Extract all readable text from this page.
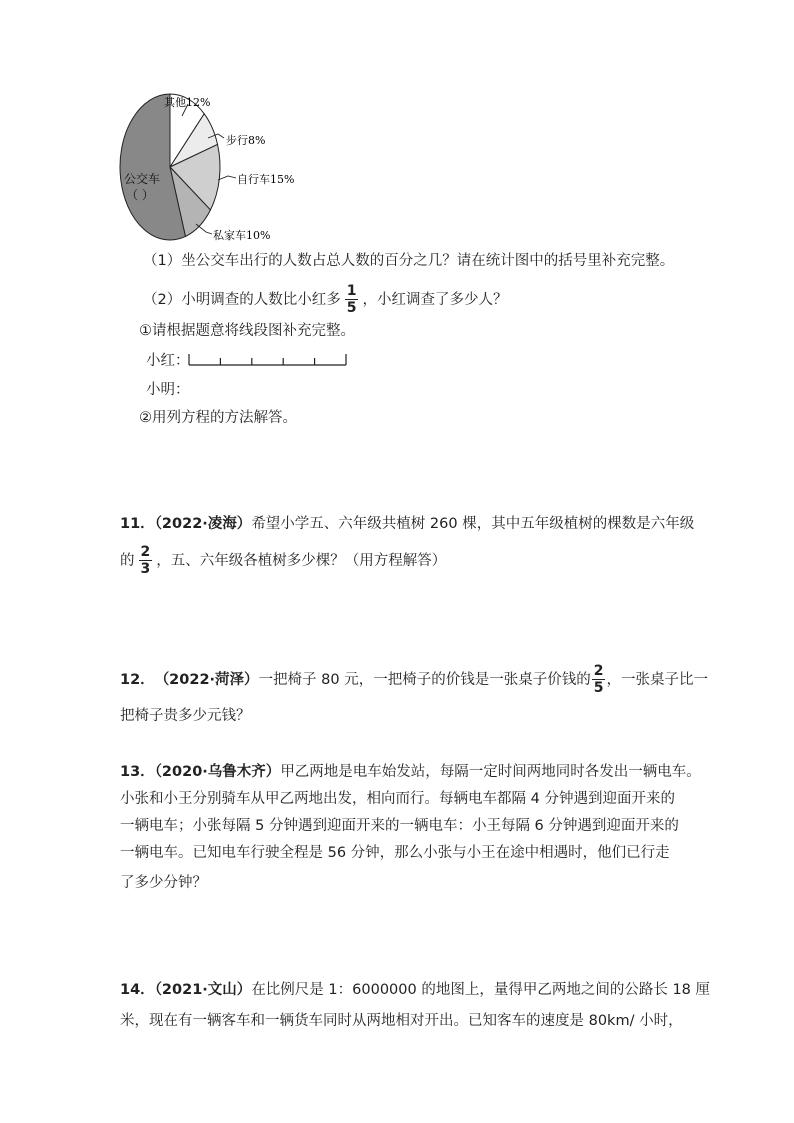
其他12%
步行8%
自行车15%
私家车10%
公交车
（ ）
（1）坐公交车出行的人数占总人数的百分之几？请在统计图中的括号里补充完整。
（2）小明调查的人数比小红多 $\frac{1}{5}$ ，小红调查了多少人？
①请根据题意将线段图补充完整。
小红：
小明：
②用列方程的方法解答。
11．（2022·凌海）希望小学五、六年级共植树 260 棵，其中五年级植树的棵数是六年级
的 $\frac{2}{3}$ ，五、六年级各植树多少棵？（用方程解答）
12． （2022·菏泽） 一把椅子 80 元，一把椅子的价钱是一张桌子价钱的 $\frac{2}{5}$ ，一张桌子比一
把椅子贵多少元钱？
13．（2020·乌鲁木齐）甲乙两地是电车始发站，每隔一定时间两地同时各发出一辆电车。
小张和小王分别骑车从甲乙两地出发，相向而行。每辆电车都隔 4 分钟遇到迎面开来的
一辆电车；小张每隔 5 分钟遇到迎面开来的一辆电车：小王每隔 6 分钟遇到迎面开来的
一辆电车。已知电车行驶全程是 56 分钟，那么小张与小王在途中相遇时，他们已行走
了多少分钟？
14．（2021·文山）在比例尺是 1：6000000 的地图上，量得甲乙两地之间的公路长 18 厘
米，现在有一辆客车和一辆货车同时从两地相对开出。已知客车的速度是 80km/ 小时，
